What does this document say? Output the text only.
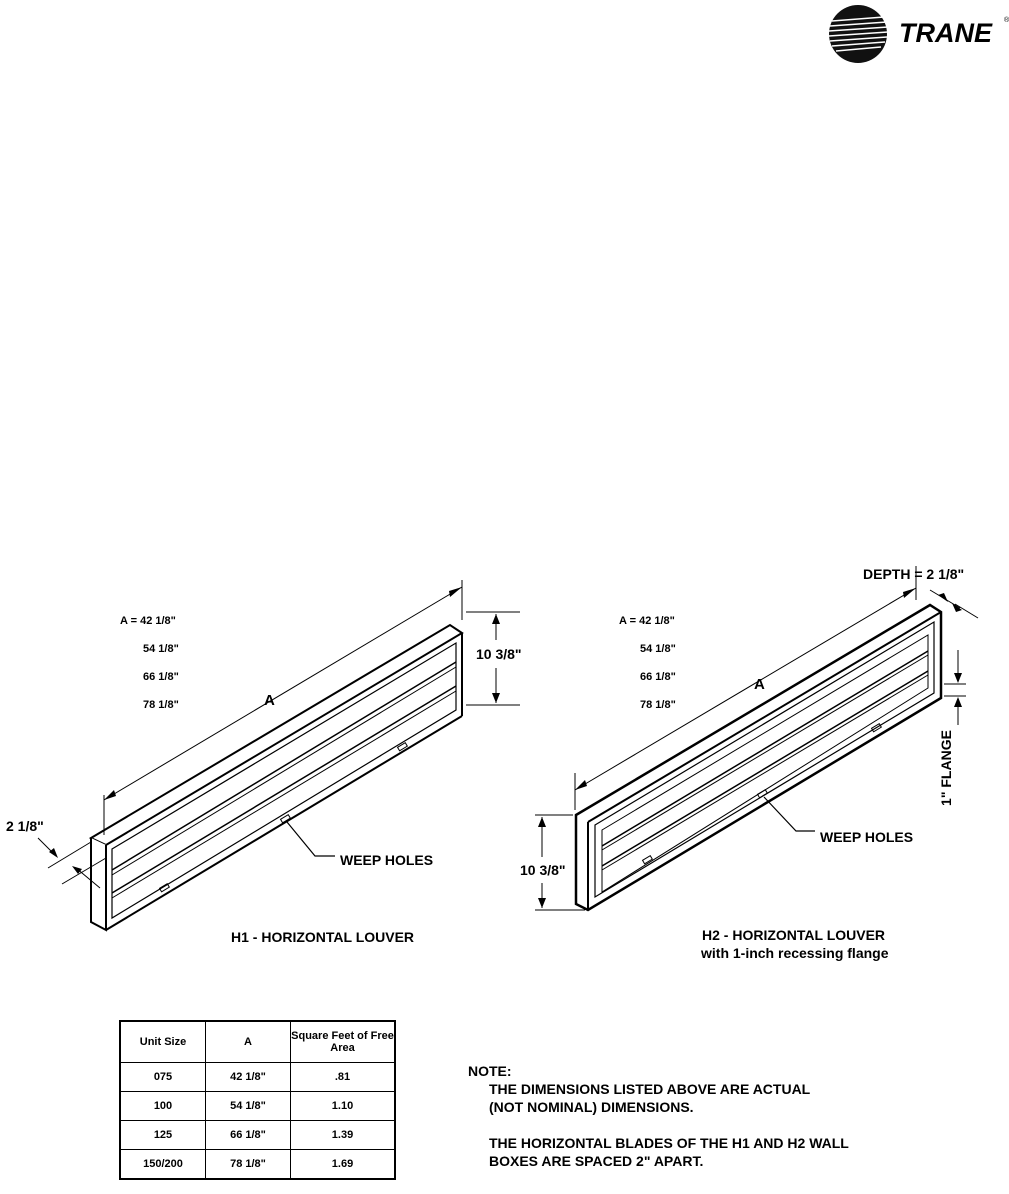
TRANE ®
A = 42 1/8"
54 1/8"
66 1/8"
78 1/8"	A
10 3/8"
2 1/8"
WEEP HOLES
H1 - HORIZONTAL LOUVER
A = 42 1/8"
54 1/8"
66 1/8"
78 1/8"
A
DEPTH = 2 1/8"
1" FLANGE
10 3/8"
WEEP HOLES
H2 - HORIZONTAL LOUVER
with 1-inch recessing flange
Unit Size	A	Square Feet of Free Area
075	42 1/8"	.81
100	54 1/8"	1.10
125	66 1/8"	1.39
150/200	78 1/8"	1.69

NOTE:

THE DIMENSIONS LISTED ABOVE ARE ACTUAL

(NOT NOMINAL) DIMENSIONS.

THE HORIZONTAL BLADES OF THE H1 AND H2 WALL

BOXES ARE SPACED 2" APART.
